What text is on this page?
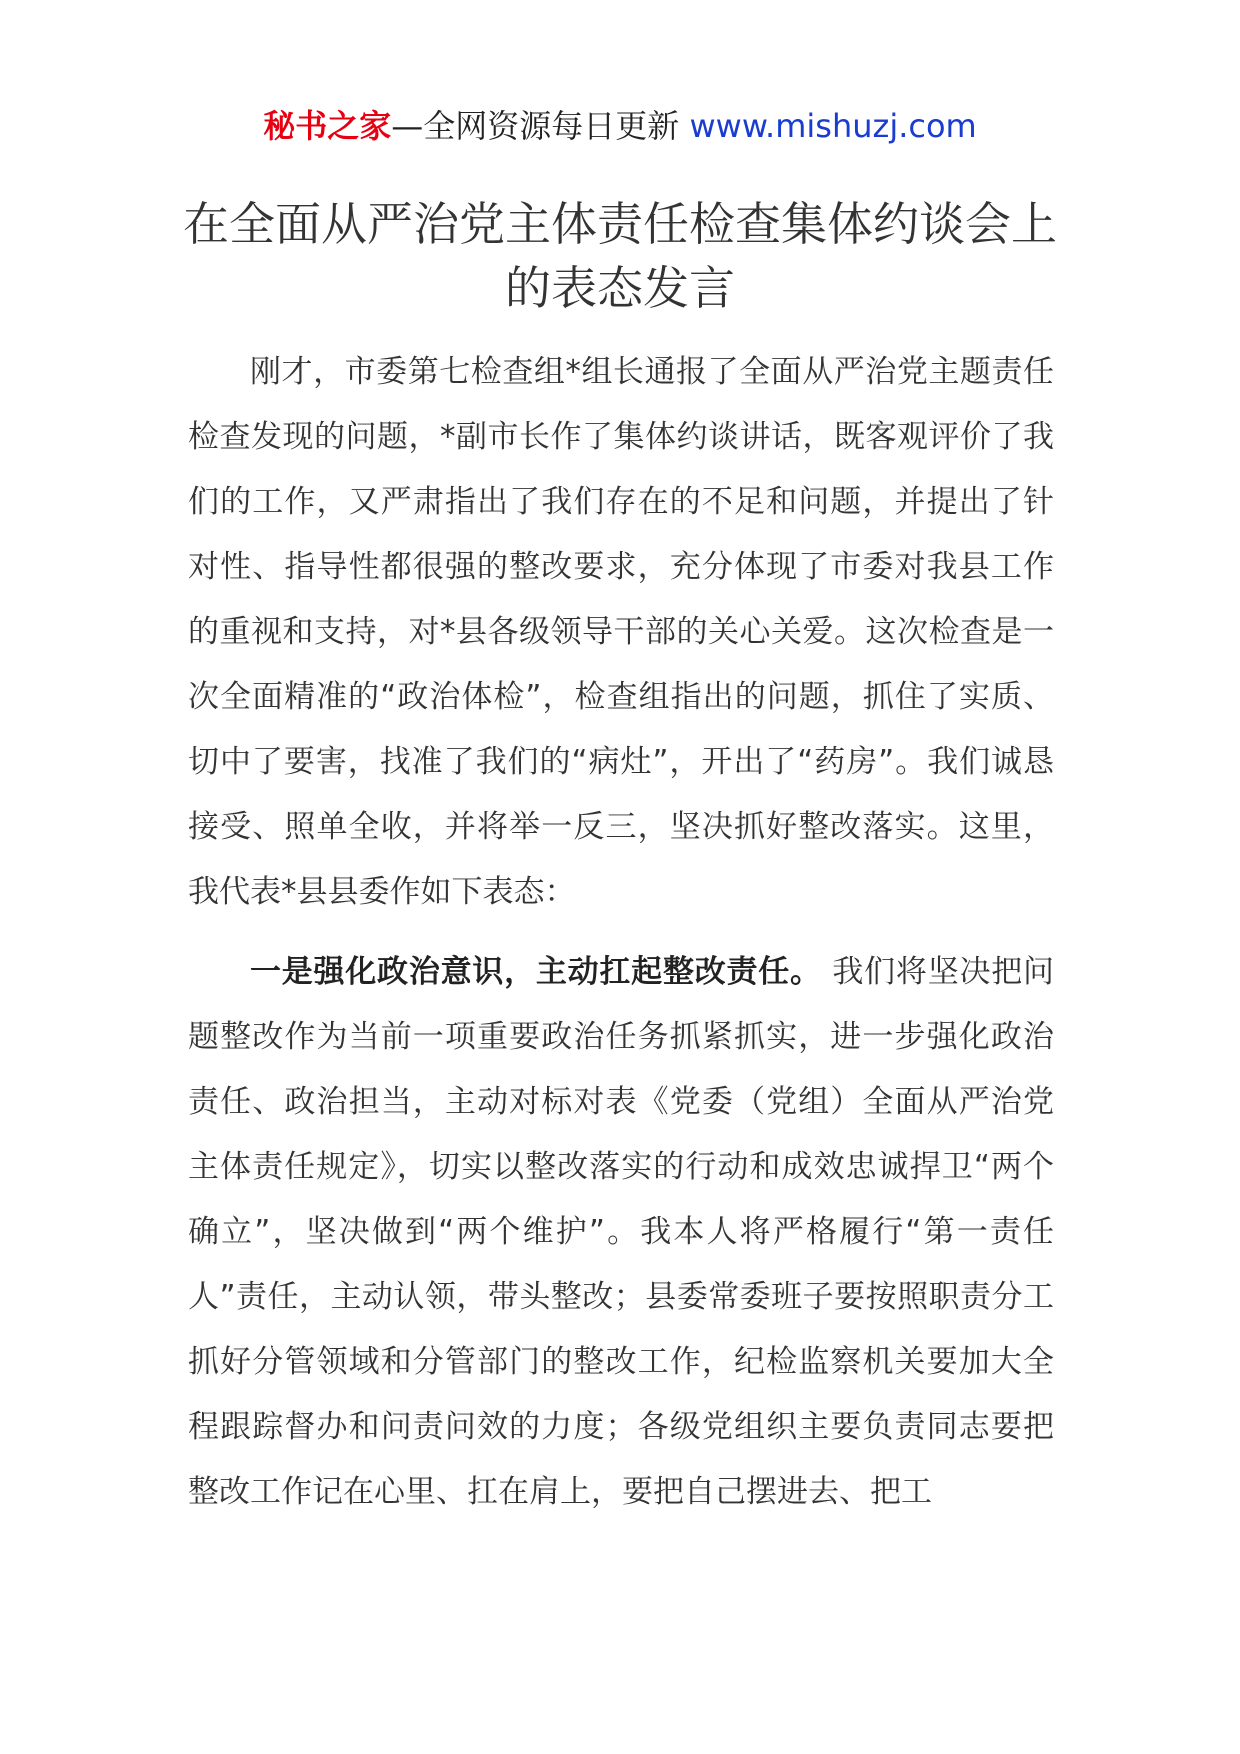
秘书之家—全网资源每日更新 www.mishuzj.com
在全面从严治党主体责任检查集体约谈会上的表态发言

刚才，市委第七检查组*组长通报了全面从严治党主题责任检查发现的问题，*副市长作了集体约谈讲话，既客观评价了我们的工作，又严肃指出了我们存在的不足和问题，并提出了针对性、指导性都很强的整改要求，充分体现了市委对我县工作的重视和支持，对*县各级领导干部的关心关爱。这次检查是一次全面精准的“政治体检”，检查组指出的问题，抓住了实质、切中了要害，找准了我们的“病灶”，开出了“药房”。我们诚恳接受、照单全收，并将举一反三，坚决抓好整改落实。这里，我代表*县县委作如下表态：

一是强化政治意识，主动扛起整改责任。 我们将坚决把问题整改作为当前一项重要政治任务抓紧抓实，进一步强化政治责任、政治担当，主动对标对表《党委（党组）全面从严治党主体责任规定》，切实以整改落实的行动和成效忠诚捍卫“两个确立”，坚决做到“两个维护”。我本人将严格履行“第一责任人”责任，主动认领，带头整改；县委常委班子要按照职责分工抓好分管领域和分管部门的整改工作，纪检监察机关要加大全程跟踪督办和问责问效的力度；各级党组织主要负责同志要把整改工作记在心里、扛在肩上，要把自己摆进去、把工
